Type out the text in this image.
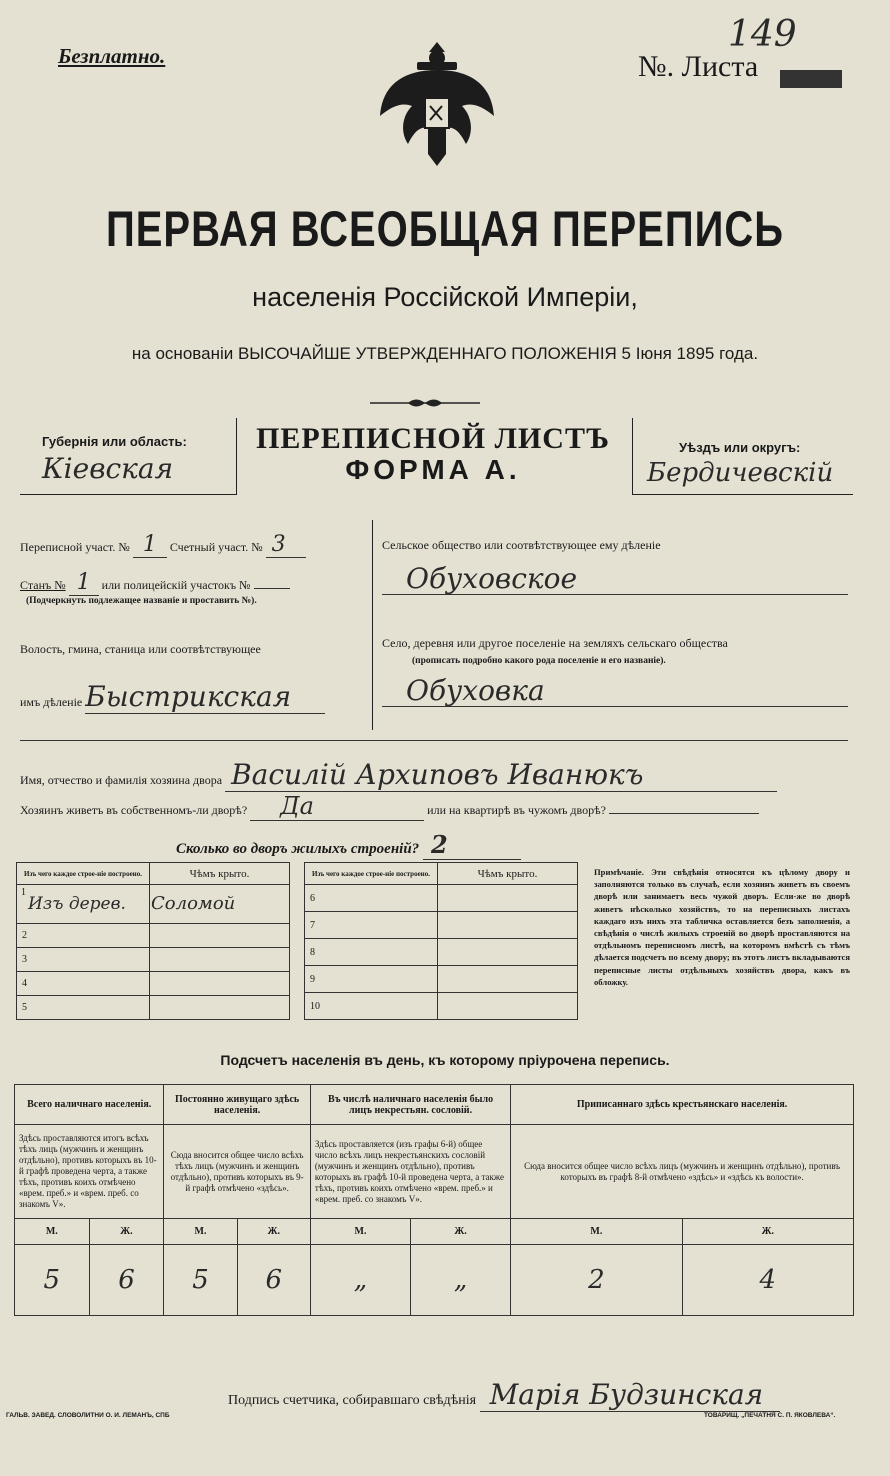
Безплатно.	№. Листа
149
ПЕРВАЯ ВСЕОБЩАЯ ПЕРЕПИСЬ
населенія Россійской Имперіи,
на основаніи ВЫСОЧАЙШЕ УТВЕРЖДЕННАГО ПОЛОЖЕНІЯ 5 Іюня 1895 года.
Губернія или область:
Кіевская
ПЕРЕПИСНОЙ ЛИСТЪ
ФОРМА А.
Уѣздъ или округъ:
Бердичевскій
Переписной участ. № 1 Счетный участ. № 3
Станъ № 1 или полицейскій участокъ №
(Подчеркнуть подлежащее названіе и проставить №).
Волость, гмина, станица или соотвѣтствующее
имъ дѣленіе Быстрикская
Сельское общество или соотвѣтствующее ему дѣленіе
Обуховское
Село, деревня или другое поселеніе на земляхъ сельскаго общества
(прописать подробно какого рода поселеніе и его названіе).
Обуховка
Имя, отчество и фамилія хозяина двора Василій Архиповъ Иванюкъ
Хозяинъ живетъ въ собственномъ-ли дворѣ? Да	или на квартирѣ въ чужомъ дворѣ?
Сколько во дворъ жилыхъ строеній? 2
Изъ чего каждое строе-ніе построено.	Чѣмъ крыто.

1
Изъ дерев.	Соломой
2	
3	
4	
5	
Изъ чего каждое строе-ніе построено.	Чѣмъ крыто.
6	
7	
8	
9	
10	
Примѣчаніе. Эти свѣдѣнія относятся къ цѣлому двору и заполняются только въ случаѣ, если хозяинъ живетъ въ своемъ дворѣ или занимаетъ весь чужой дворъ. Если-же во дворѣ живетъ нѣсколько хозяйствъ, то на переписныхъ листахъ каждаго изъ нихъ эта табличка оставляется безъ заполненія, а свѣдѣнія о числѣ жилыхъ строеній во дворѣ проставляются на отдѣльномъ переписномъ листѣ, на которомъ вмѣстѣ съ тѣмъ дѣлается подсчетъ по всему двору; въ этотъ листъ вкладываются переписные листы отдѣльныхъ хозяйствъ двора, какъ въ обложку.
Подсчетъ населенія въ день, къ которому пріурочена перепись.
Всего наличнаго населенія.		Постоянно живущаго здѣсь населенія.		Въ числѣ наличнаго населенія было лицъ некрестьян. сословій.		Приписаннаго здѣсь крестьянскаго населенія.	
Здѣсь проставляются итогъ всѣхъ тѣхъ лицъ (мужчинъ и женщинъ отдѣльно), противъ которыхъ въ 10-й графѣ проведена черта, а также тѣхъ, противъ коихъ отмѣчено «врем. преб.» и «врем. преб. со знакомъ V».		Сюда вносится общее число всѣхъ тѣхъ лицъ (мужчинъ и женщинъ отдѣльно), противъ которыхъ въ 9-й графѣ отмѣчено «здѣсь».		Здѣсь проставляется (изъ графы 6-й) общее число всѣхъ лицъ некрестьянскихъ сословій (мужчинъ и женщинъ отдѣльно), противъ которыхъ въ графѣ 10-й проведена черта, а также тѣхъ, противъ коихъ отмѣчено «врем. преб.» и «врем. преб. со знакомъ V».		Сюда вносится общее число всѣхъ лицъ (мужчинъ и женщинъ отдѣльно), противъ которыхъ въ графѣ 8-й отмѣчено «здѣсь» и «здѣсь къ волости».	
М.	Ж.	М.	Ж.	М.	Ж.	М.	Ж.
5	6	5	6	„	„	2	4
Подпись счетчика, собиравшаго свѣдѣнія Марія Будзинская
ГАЛЬВ. ЗАВЕД. СЛОВОЛИТНИ О. И. ЛЕМАНЪ, СПБ	ТОВАРИЩ. „ПЕЧАТНЯ С. П. ЯКОВЛЕВА“.
